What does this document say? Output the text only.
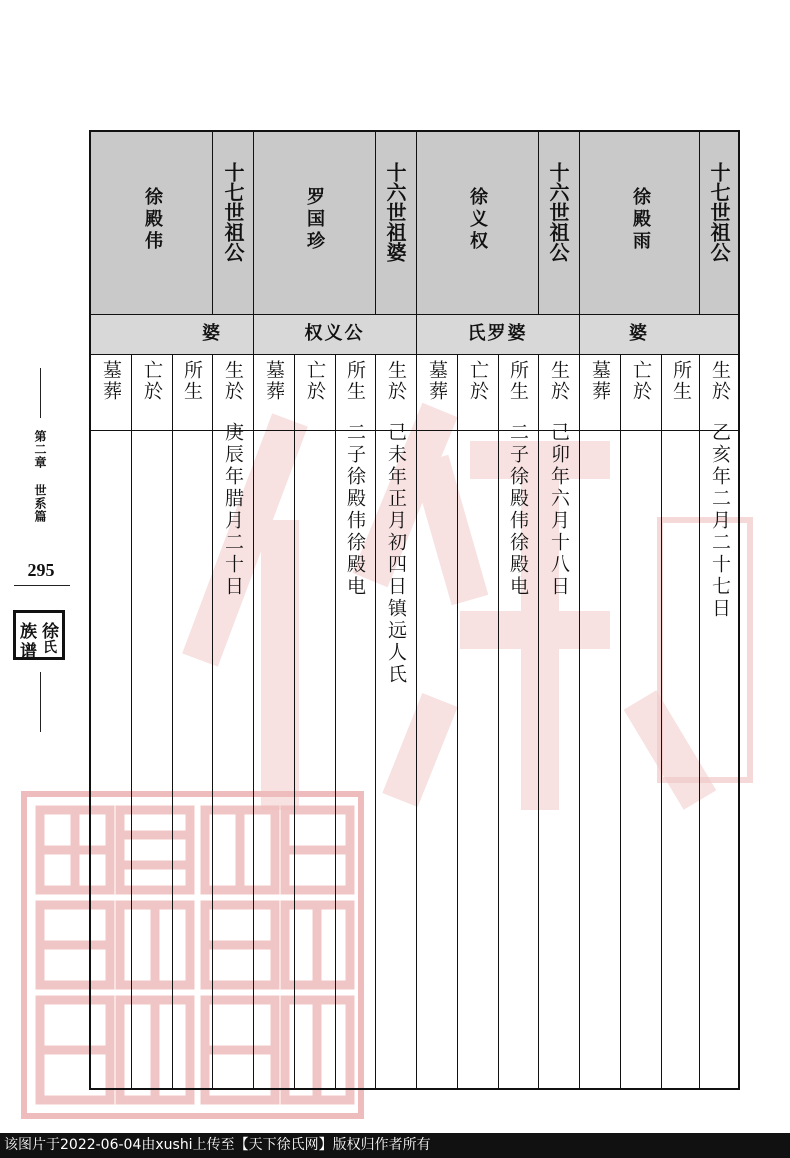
第二章 世系篇
295
徐
氏
族
谱
十七世祖公
徐殿雨
婆
生於
所生
亡於
墓葬
乙亥年二月二十七日
十六世祖公
徐义权
氏罗婆
生於
所生
亡於
墓葬
己卯年六月十八日
二子徐殿伟徐殿电
十六世祖婆
罗国珍
权义公
生於
所生
亡於
墓葬
己未年正月初四日镇远人氏
二子徐殿伟徐殿电
十七世祖公
徐殿伟
婆
生於
所生
亡於
墓葬
庚辰年腊月二十日
该图片于2022-06-04由xushi上传至【天下徐氏网】版权归作者所有
